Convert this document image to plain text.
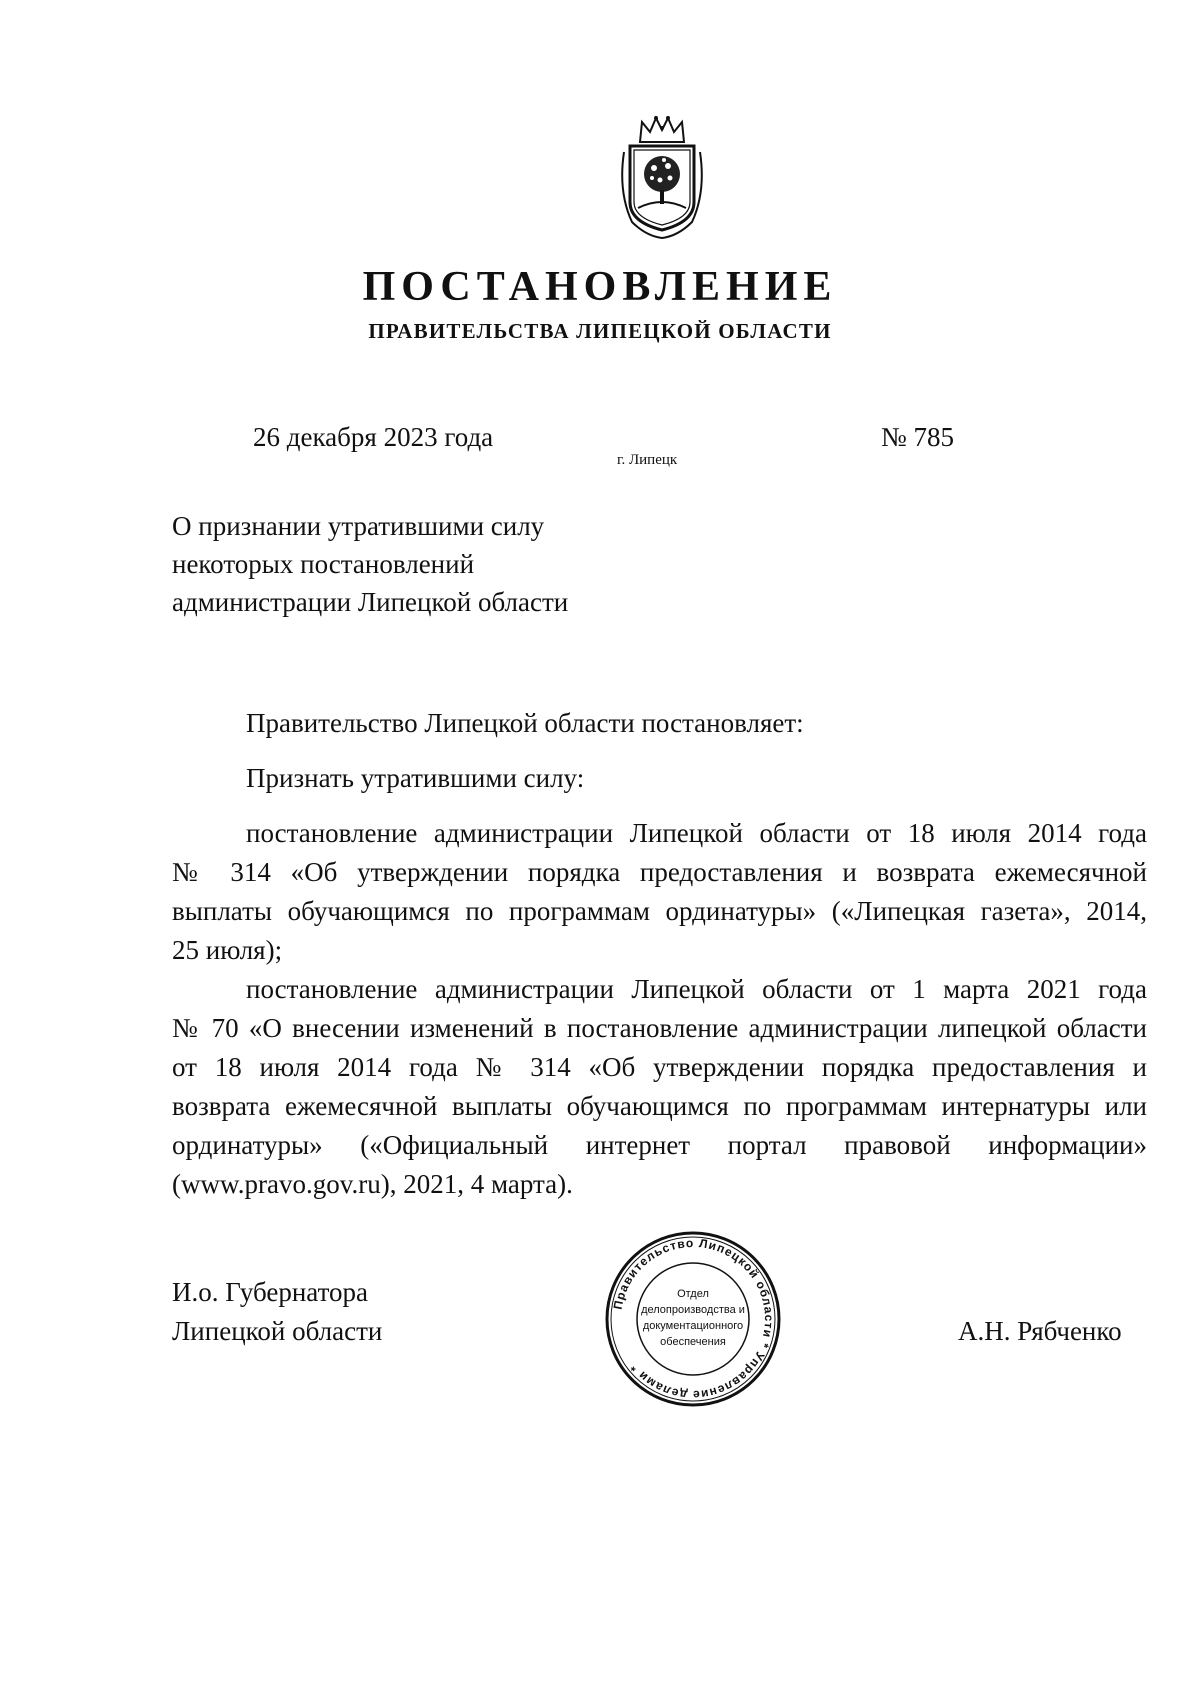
ПОСТАНОВЛЕНИЕ
ПРАВИТЕЛЬСТВА ЛИПЕЦКОЙ ОБЛАСТИ
26 декабря 2023 года
г. Липецк
№ 785
О признании утратившими силу
некоторых постановлений
администрации Липецкой области

Правительство Липецкой области постановляет:

Признать утратившими силу:

постановление администрации Липецкой области от 18 июля 2014 года
№ 314 «Об утверждении порядка предоставления и возврата ежемесячной
выплаты обучающимся по программам ординатуры» («Липецкая газета», 2014,
25 июля);
постановление администрации Липецкой области от 1 марта 2021 года
№ 70 «О внесении изменений в постановление администрации липецкой области
от 18 июля 2014 года № 314 «Об утверждении порядка предоставления и
возврата ежемесячной выплаты обучающимся по программам интернатуры или
ординатуры» («Официальный интернет портал правовой информации»
(www.pravo.gov.ru), 2021, 4 марта).
И.о. Губернатора
Липецкой области	А.Н. Рябченко
Правительство Липецкой области * Управление делами *
Отдел
делопроизводства и
документационного
обеспечения
